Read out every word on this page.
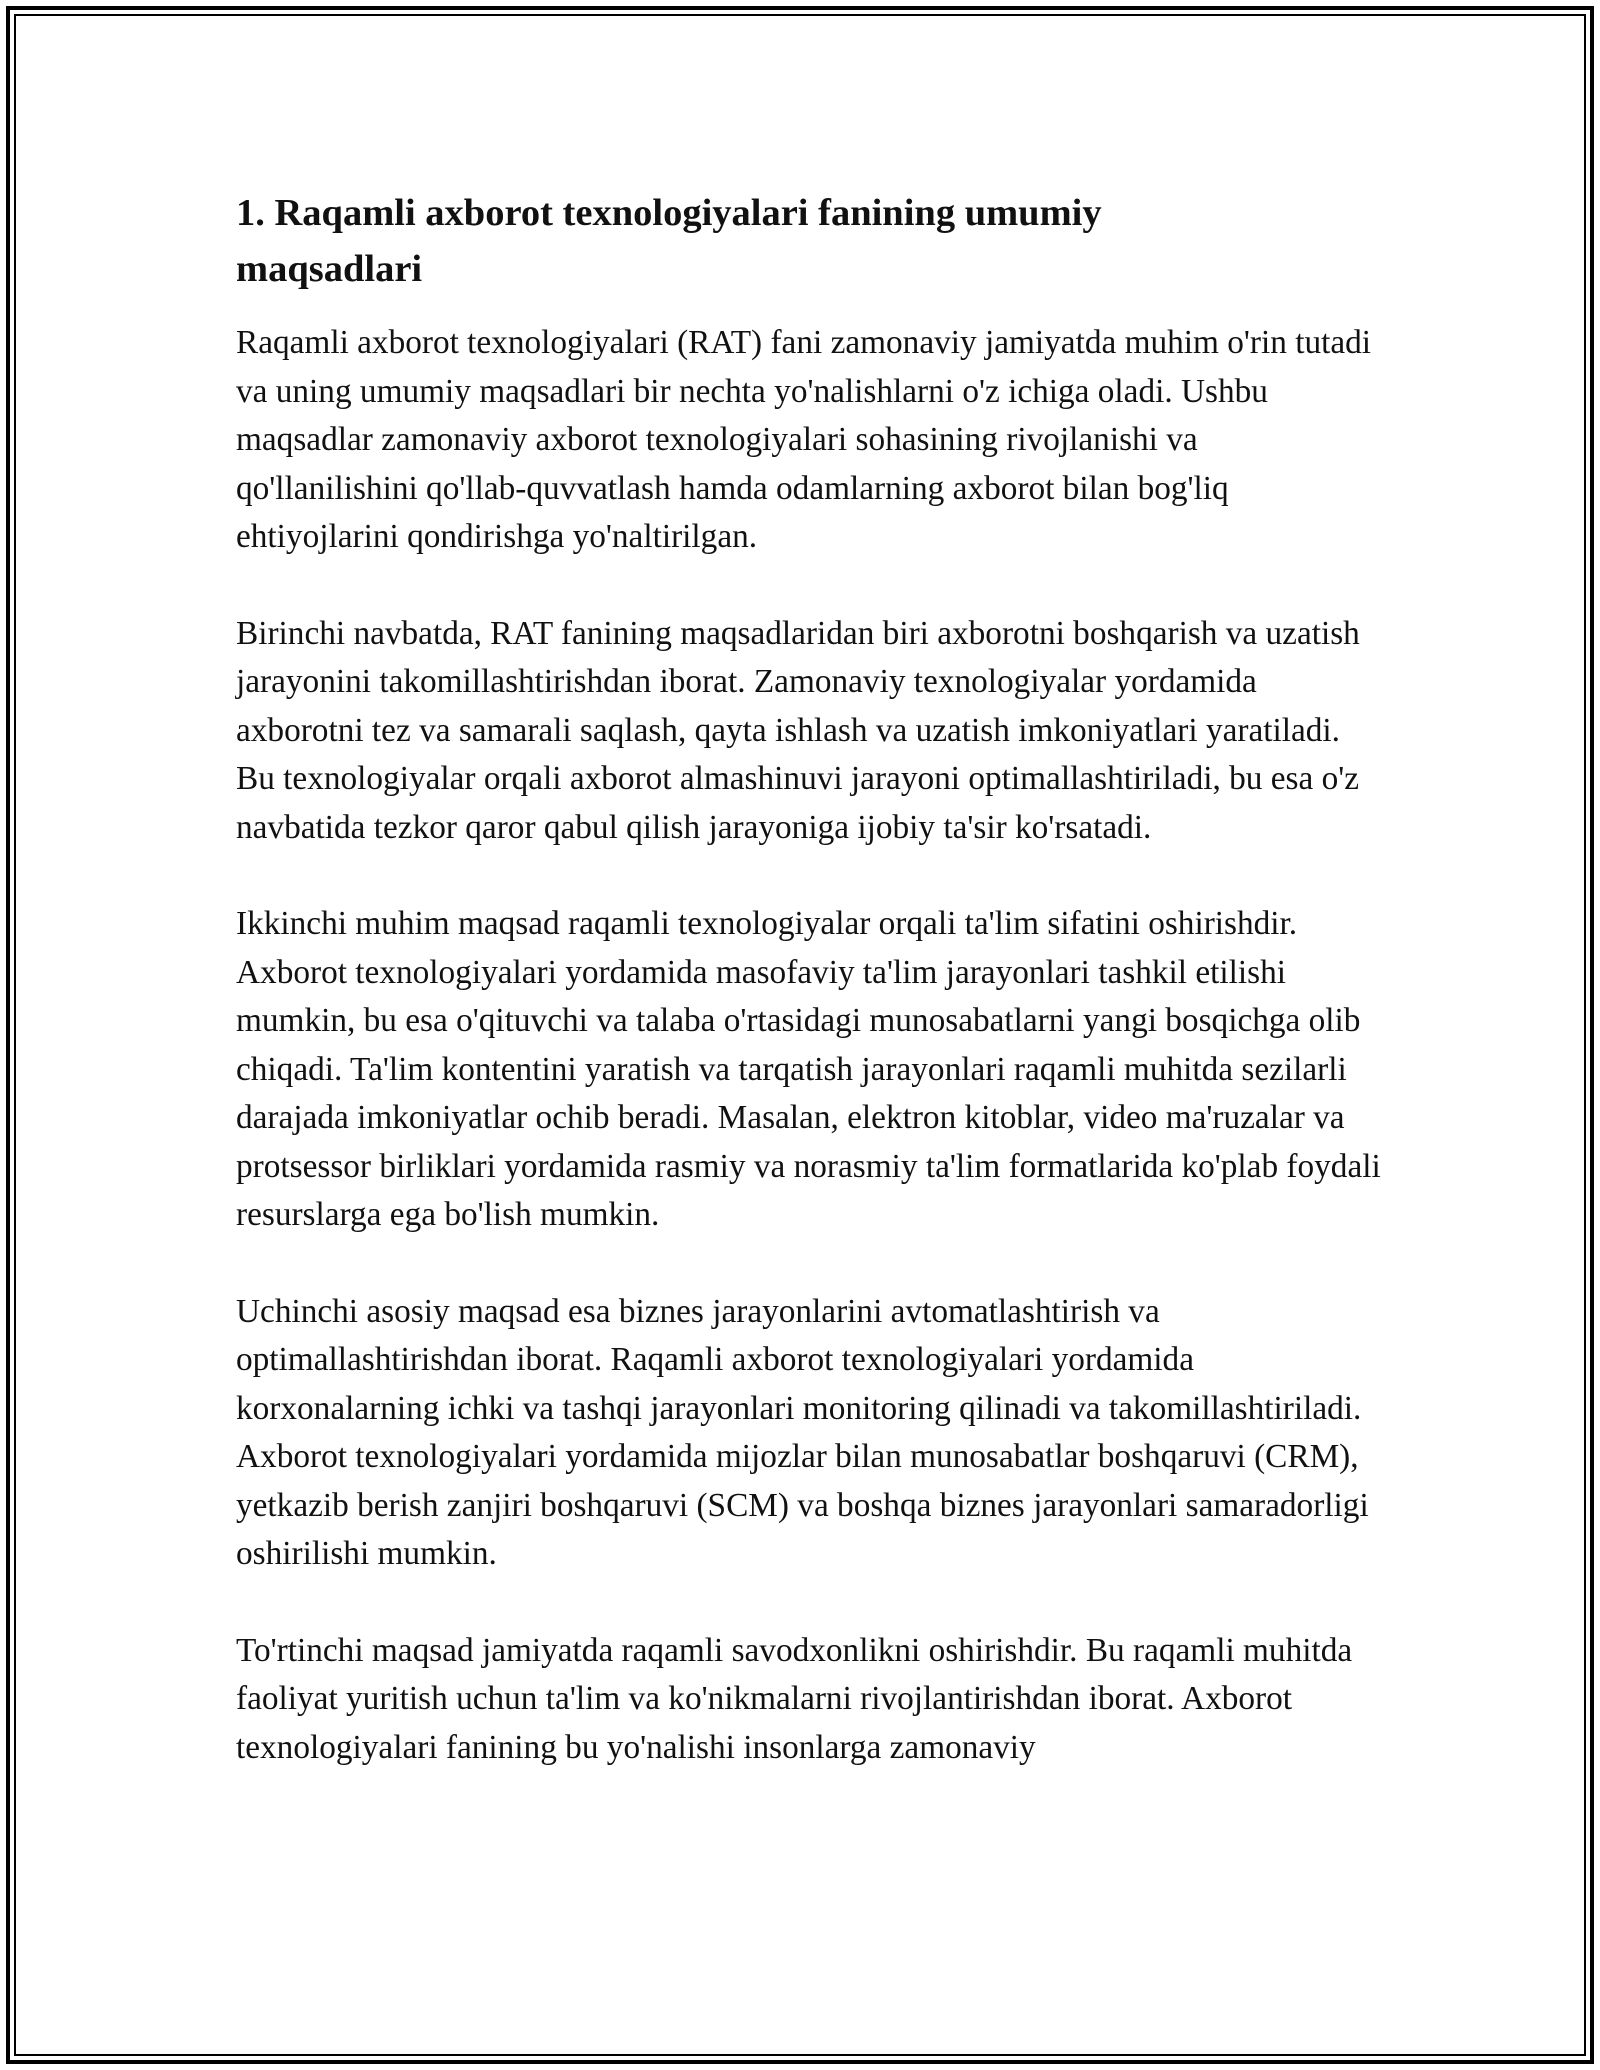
1. Raqamli axborot texnologiyalari fanining umumiy maqsadlari

Raqamli axborot texnologiyalari (RAT) fani zamonaviy jamiyatda muhim o'rin tutadi va uning umumiy maqsadlari bir nechta yo'nalishlarni o'z ichiga oladi. Ushbu maqsadlar zamonaviy axborot texnologiyalari sohasining rivojlanishi va qo'llanilishini qo'llab-quvvatlash hamda odamlarning axborot bilan bog'liq ehtiyojlarini qondirishga yo'naltirilgan.

Birinchi navbatda, RAT fanining maqsadlaridan biri axborotni boshqarish va uzatish jarayonini takomillashtirishdan iborat. Zamonaviy texnologiyalar yordamida axborotni tez va samarali saqlash, qayta ishlash va uzatish imkoniyatlari yaratiladi. Bu texnologiyalar orqali axborot almashinuvi jarayoni optimallashtiriladi, bu esa o'z navbatida tezkor qaror qabul qilish jarayoniga ijobiy ta'sir ko'rsatadi.

Ikkinchi muhim maqsad raqamli texnologiyalar orqali ta'lim sifatini oshirishdir. Axborot texnologiyalari yordamida masofaviy ta'lim jarayonlari tashkil etilishi mumkin, bu esa o'qituvchi va talaba o'rtasidagi munosabatlarni yangi bosqichga olib chiqadi. Ta'lim kontentini yaratish va tarqatish jarayonlari raqamli muhitda sezilarli darajada imkoniyatlar ochib beradi. Masalan, elektron kitoblar, video ma'ruzalar va protsessor birliklari yordamida rasmiy va norasmiy ta'lim formatlarida ko'plab foydali resurslarga ega bo'lish mumkin.

Uchinchi asosiy maqsad esa biznes jarayonlarini avtomatlashtirish va optimallashtirishdan iborat. Raqamli axborot texnologiyalari yordamida korxonalarning ichki va tashqi jarayonlari monitoring qilinadi va takomillashtiriladi. Axborot texnologiyalari yordamida mijozlar bilan munosabatlar boshqaruvi (CRM), yetkazib berish zanjiri boshqaruvi (SCM) va boshqa biznes jarayonlari samaradorligi oshirilishi mumkin.

To'rtinchi maqsad jamiyatda raqamli savodxonlikni oshirishdir. Bu raqamli muhitda faoliyat yuritish uchun ta'lim va ko'nikmalarni rivojlantirishdan iborat. Axborot texnologiyalari fanining bu yo'nalishi insonlarga zamonaviy
